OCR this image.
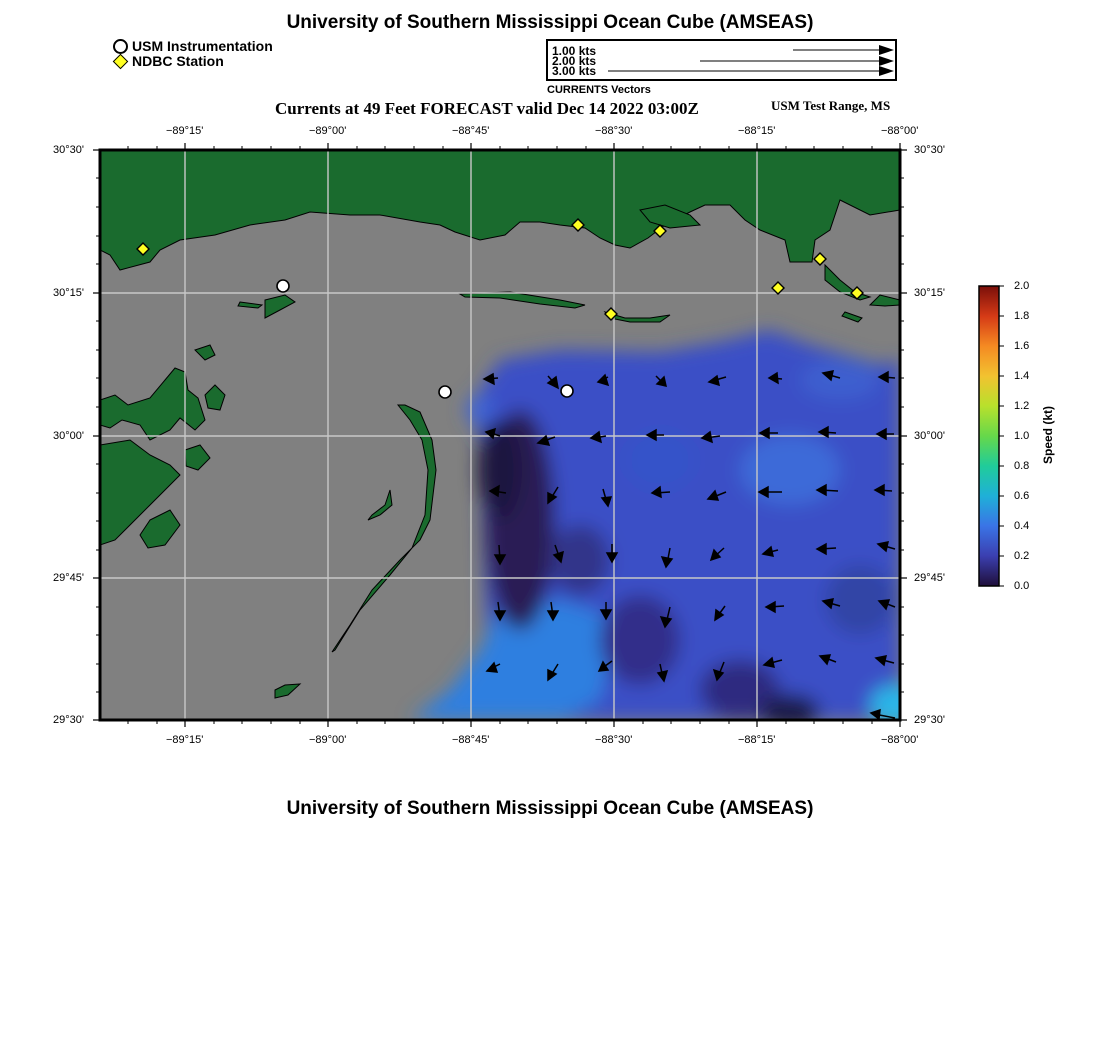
University of Southern Mississippi Ocean Cube (AMSEAS)
USM Instrumentation
NDBC Station
1.00 kts
2.00 kts
3.00 kts
CURRENTS Vectors
Currents at 49 Feet FORECAST valid Dec 14 2022 03:00Z	USM Test Range, MS
−89°15'	−89°00'	−88°45'	−88°30'	−88°15'	−88°00'
−89°15'	−89°00'	−88°45'	−88°30'	−88°15'	−88°00'
30°30'
30°15'
30°00'
29°45'
29°30'
30°30'
30°15'
30°00'
29°45'
29°30'
2.0
1.8
1.6
1.4
1.2
1.0
0.8
0.6
0.4
0.2
0.0
Speed (kt)
University of Southern Mississippi Ocean Cube (AMSEAS)
